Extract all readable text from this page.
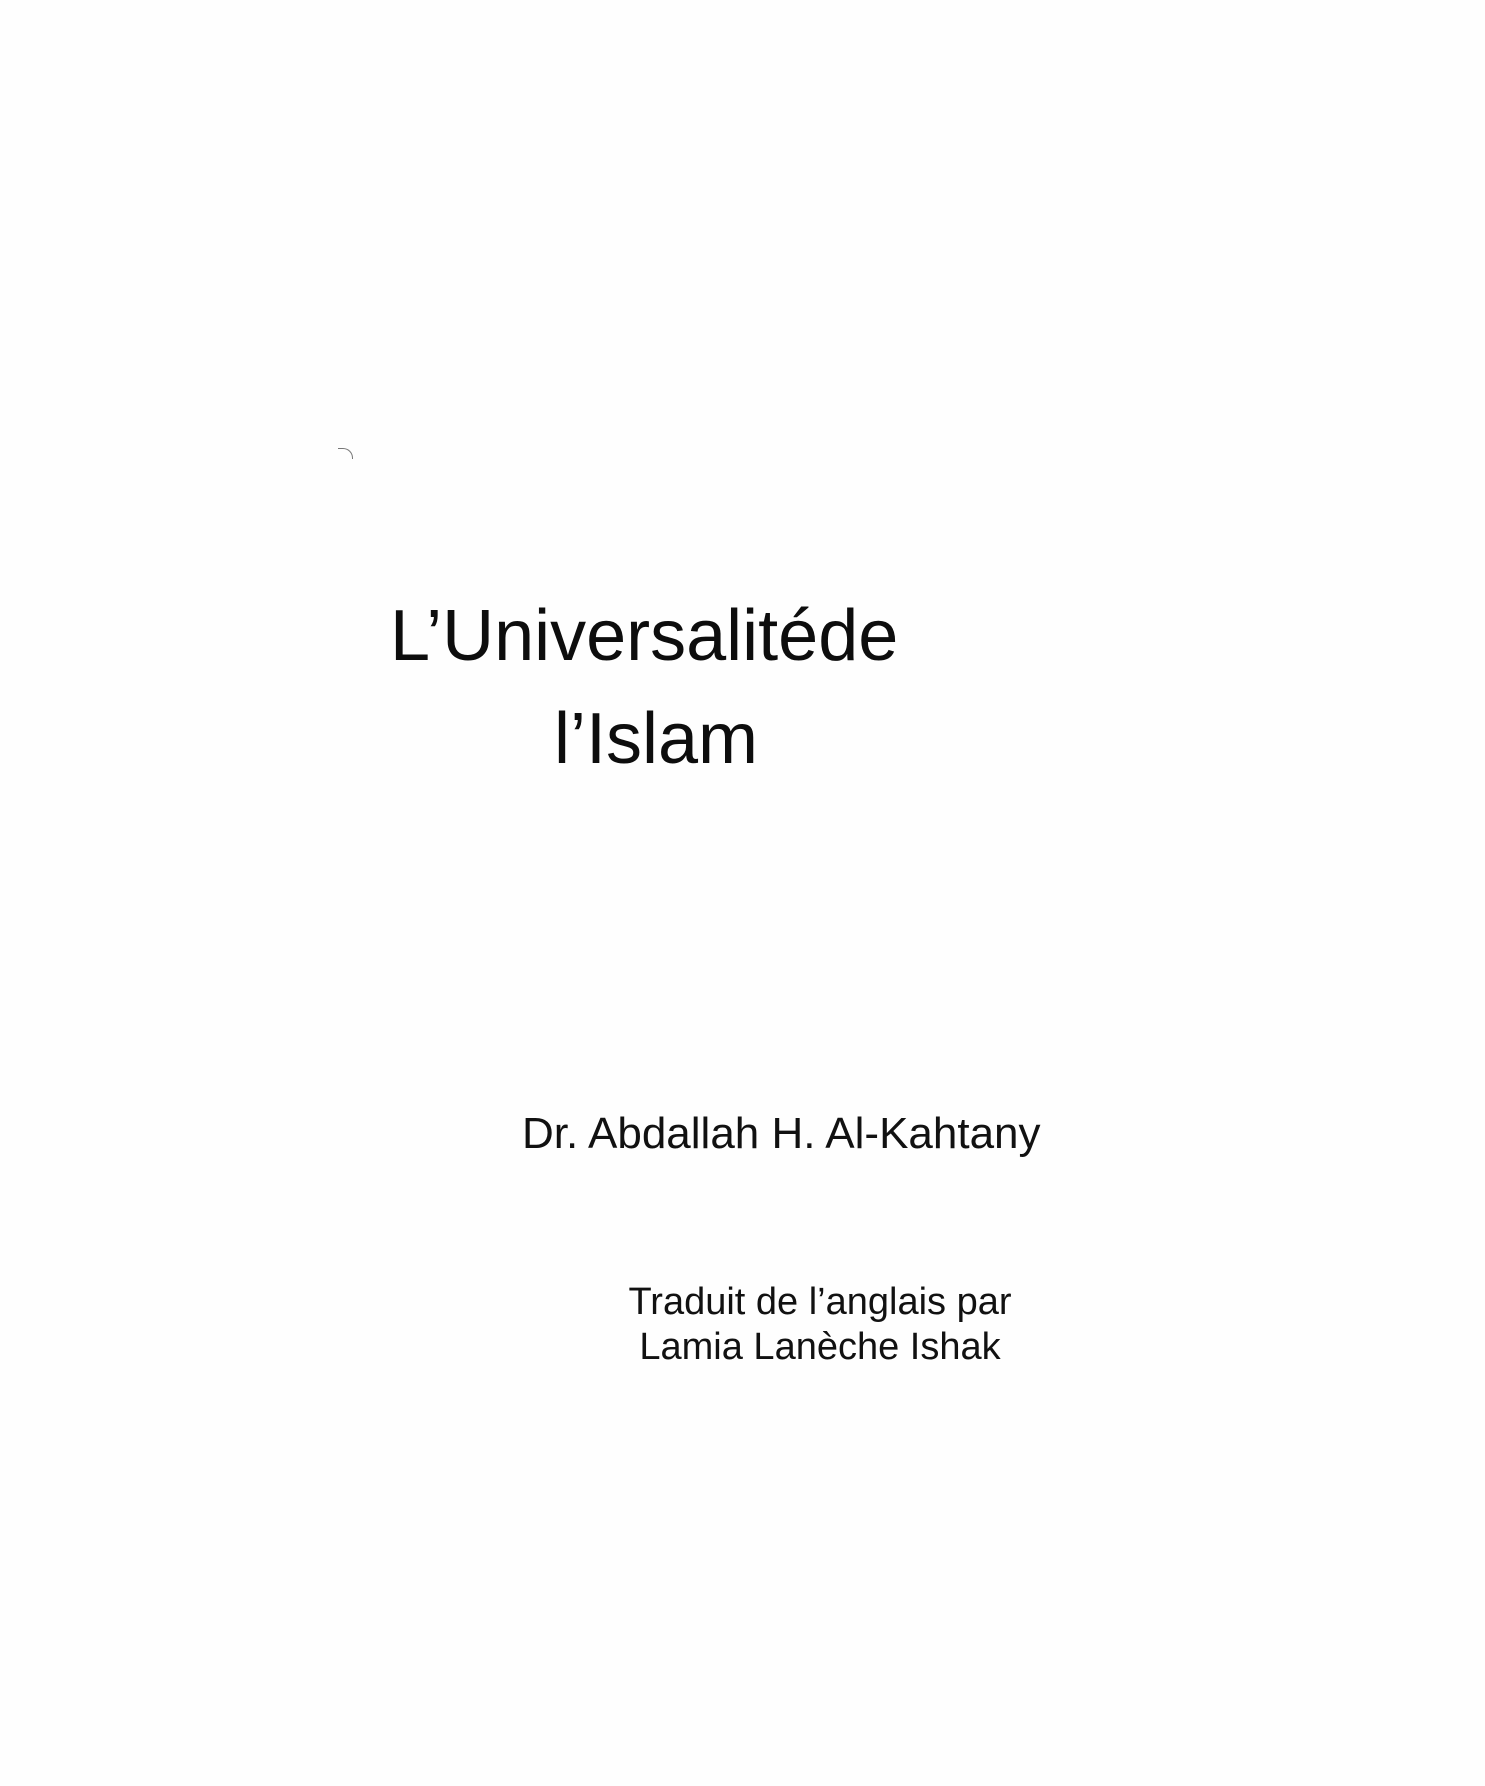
L’Universalitéde
l’Islam
Dr. Abdallah H. Al-Kahtany
Traduit de l’anglais par
Lamia Lanèche Ishak
